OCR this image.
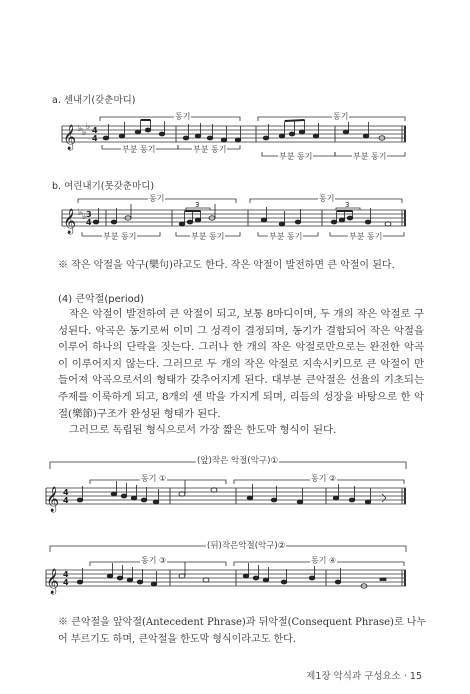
a. 센내기(갖춘마디)
𝄞 ♭ ♭
♭ 4
4
동기	동기
부분 동기	부분 동기
부분 동기	부분 동기
b. 여린내기(못갖춘마디)
𝄞 ♭ ♭ 3
4
3	3
동기	동기
부분 동기	부분 동기	부분 동기	부분 동기
※ 작은 악절을 악구(樂句)라고도 한다. 작은 악절이 발전하면 큰 악절이 된다.
(4) 큰악절(period)

작은 악절이 발전하여 큰 악절이 되고, 보통 8마디이며, 두 개의 작은 악절로 구성된다. 악곡은 동기로써 이미 그 성격이 결정되며, 동기가 결합되어 작은 악절을 이루어 하나의 단락을 짓는다. 그러나 한 개의 작은 악절로만으로는 완전한 악곡이 이루어지지 않는다. 그러므로 두 개의 작은 악절로 지속시키므로 큰 악절이 만들어져 악곡으로서의 형태가 갖추어지게 된다. 대부분 큰악절은 선율의 기초되는 주제를 이룩하게 되고, 8개의 센 박을 가지게 되며, 리듬의 성장을 바탕으로 한 악절(樂節)구조가 완성된 형태가 된다.

그러므로 독립된 형식으로서 가장 짧은 한도막 형식이 된다.

𝄞 4
4
(앞)작은 악절(악구)①
동기 ①	동기 ②
𝄞 4
4
(뒤)작은악절(악구)②
동기 ③	동기 ④
※ 큰악절을 앞악절(Antecedent Phrase)과 뒤악절(Consequent Phrase)로 나누어 부르기도 하며, 큰악절을 한도막 형식이라고도 한다.
제1장 악식과 구성요소 · 15
